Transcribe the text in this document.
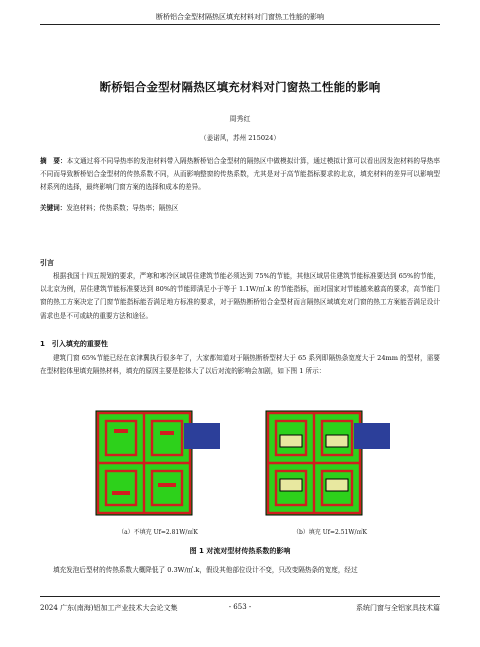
断桥铝合金型材隔热区填充材料对门窗热工性能的影响
断桥铝合金型材隔热区填充材料对门窗热工性能的影响
周秀红
（姜诺风，苏州 215024）

摘　要：本文通过将不同导热率的发泡材料带入隔热断桥铝合金型材的隔热区中做模拟计算，通过模拟计算可以看出因发泡材料的导热率不同而导致断桥铝合金型材的传热系数不同，从而影响整窗的传热系数，尤其是对于高节能指标要求的北京，填充材料的差异可以影响型材系列的选择，最终影响门窗方案的选择和成本的差异。

关键词：发泡材料；传热系数；导热率；隔热区

引言

根据我国十四五规划的要求，严寒和寒冷区域居住建筑节能必须达到 75%的节能，其他区域居住建筑节能标准要达到 65%的节能，以北京为例，居住建筑节能标准要达到 80%的节能即满足小于等于 1.1W/㎡.k 的节能指标，面对国家对节能越来越高的要求，高节能门窗的热工方案决定了门窗节能指标能否满足地方标准的要求，对于隔热断桥铝合金型材而言隔热区域填充对门窗的热工方案能否满足设计需求也是不可或缺的重要方法和途径。

1　引入填充的重要性

建筑门窗 65%节能已经在京津冀执行很多年了，大家都知道对于隔热断桥型材大于 65 系列即隔热条宽度大于 24mm 的型材，需要在型材腔体里填充隔热材料，填充的原因主要是腔体大了以后对流的影响会加剧，如下图 1 所示：

（a）不填充 Uf=2.81W/㎡K	（b）填充 Uf=2.51W/㎡K
图 1 对流对型材传热系数的影响

填充发泡后型材的传热系数大概降低了 0.3W/㎡.k，假设其他部位设计不变，只改变隔热条的宽度，经过

2024 广东(南海)铝加工产业技术大会论文集	- 653 -	系统门窗与全铝家具技术篇
